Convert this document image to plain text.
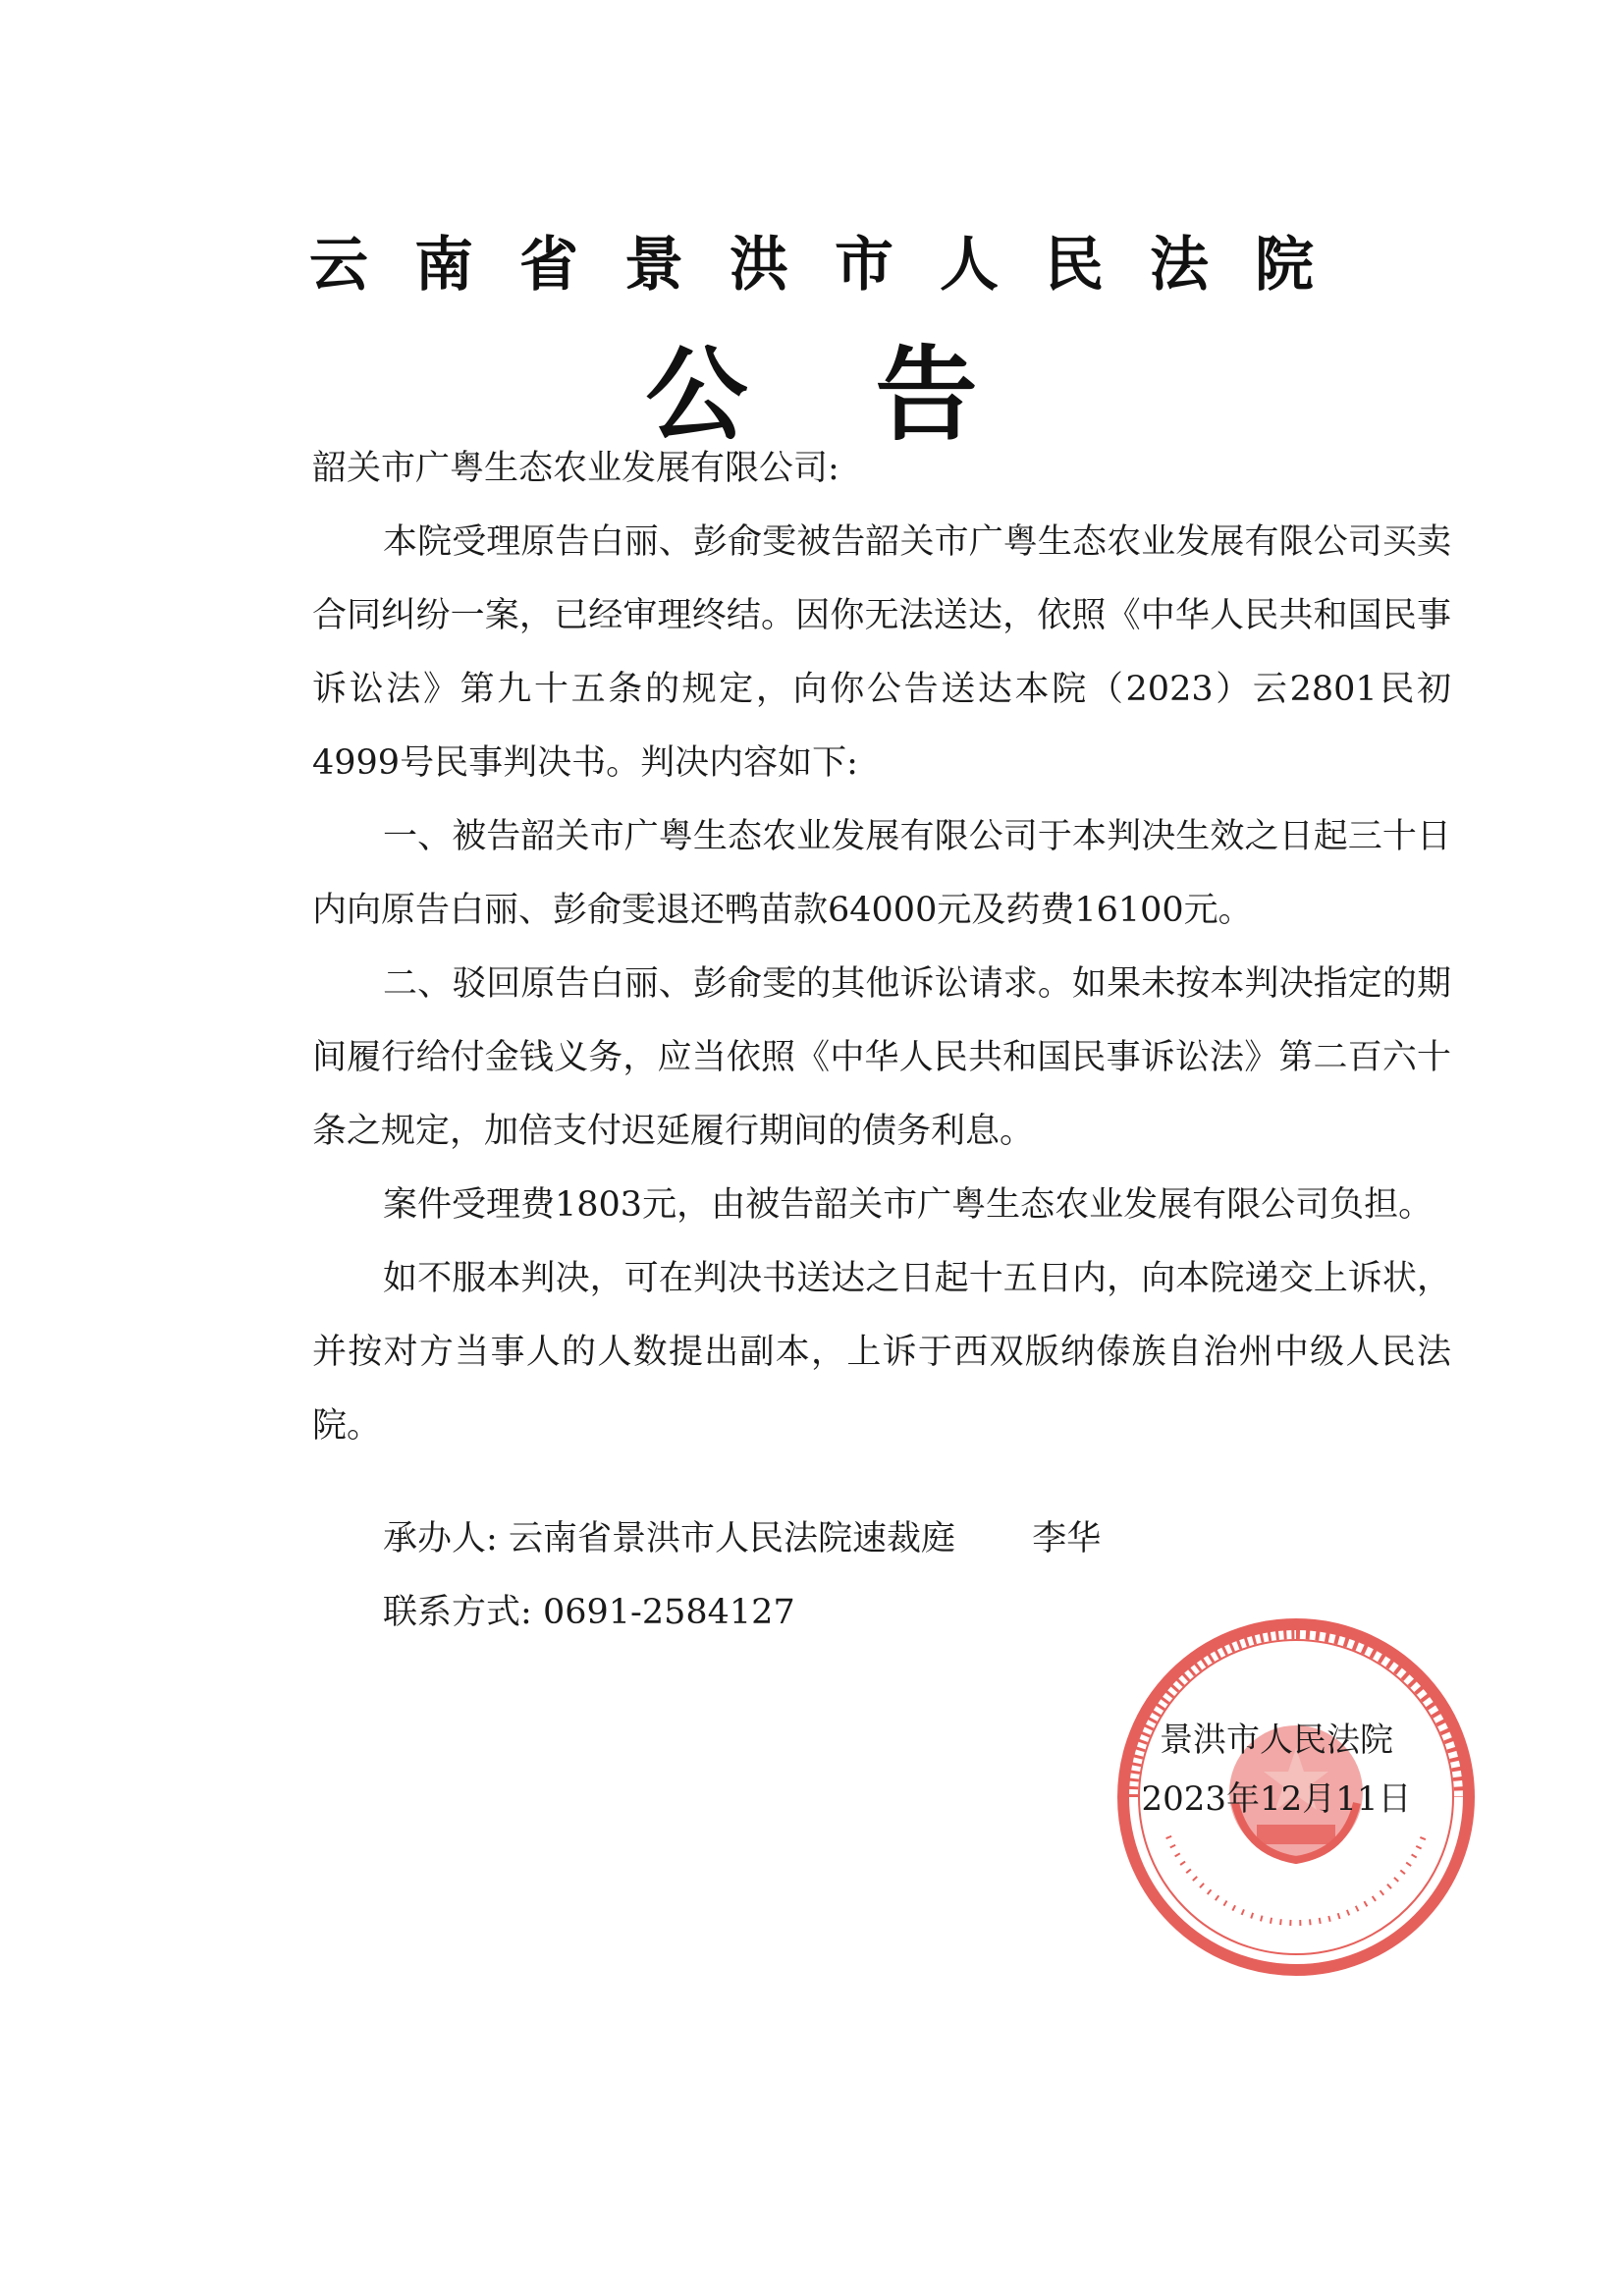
云南省景洪市人民法院
公告

韶关市广粤生态农业发展有限公司:

本院受理原告白丽、彭俞雯被告韶关市广粤生态农业发展有限公司买卖合同纠纷一案，已经审理终结。因你无法送达，依照《中华人民共和国民事诉讼法》第九十五条的规定，向你公告送达本院（2023）云2801民初4999号民事判决书。判决内容如下:

一、被告韶关市广粤生态农业发展有限公司于本判决生效之日起三十日内向原告白丽、彭俞雯退还鸭苗款64000元及药费16100元。

二、驳回原告白丽、彭俞雯的其他诉讼请求。如果未按本判决指定的期间履行给付金钱义务，应当依照《中华人民共和国民事诉讼法》第二百六十条之规定，加倍支付迟延履行期间的债务利息。

案件受理费1803元，由被告韶关市广粤生态农业发展有限公司负担。

如不服本判决，可在判决书送达之日起十五日内，向本院递交上诉状，并按对方当事人的人数提出副本，上诉于西双版纳傣族自治州中级人民法院。

承办人: 云南省景洪市人民法院速裁庭 李华
联系方式: 0691-2584127
景洪市人民法院
2023年12月11日
